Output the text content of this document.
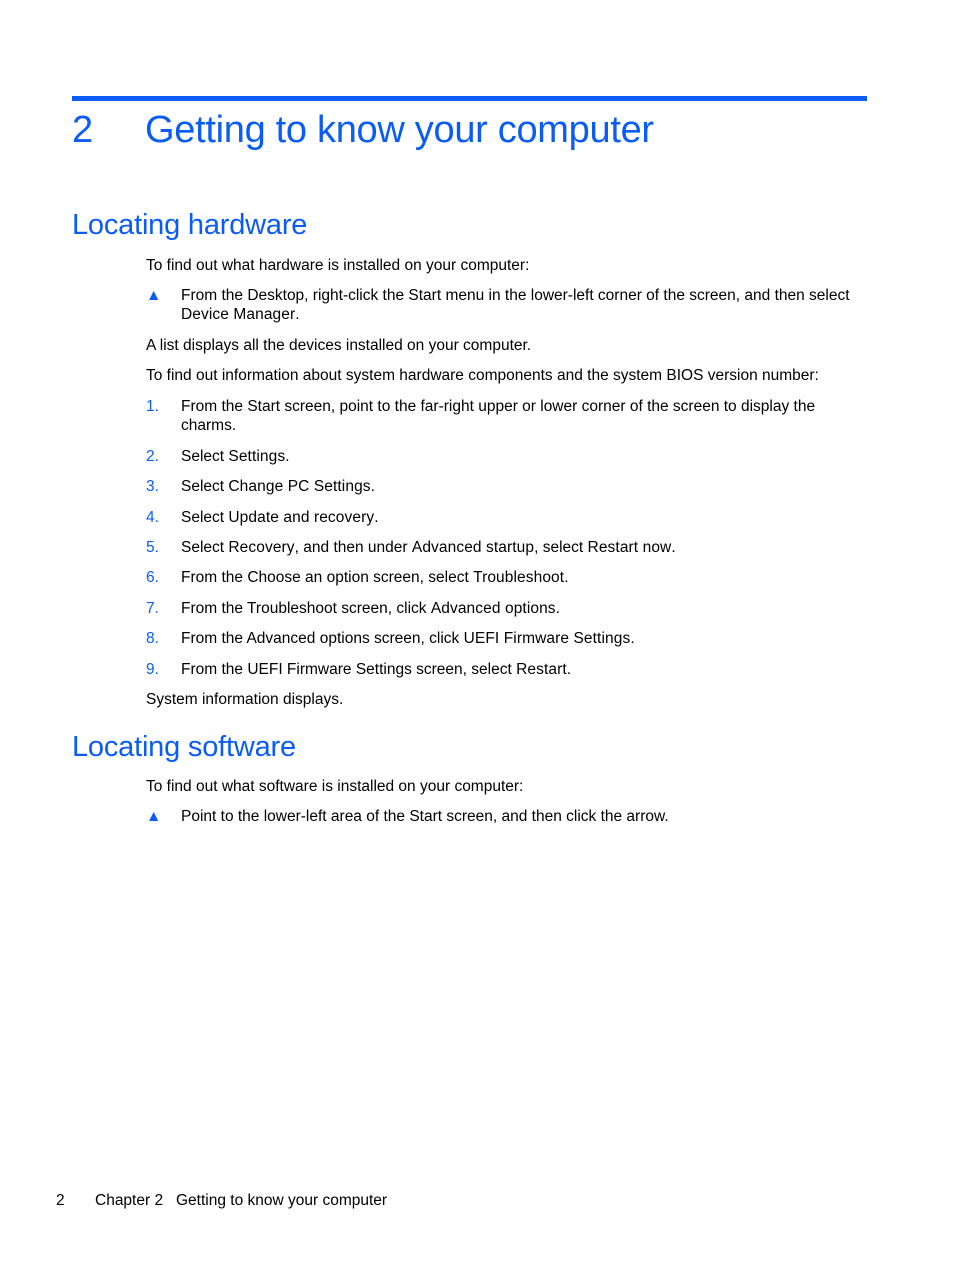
2 Getting to know your computer
Locating hardware

To find out what hardware is installed on your computer:

▲ From the Desktop, right-click the Start menu in the lower-left corner of the screen, and then select Device Manager.

A list displays all the devices installed on your computer.

To find out information about system hardware components and the system BIOS version number:

1. From the Start screen, point to the far-right upper or lower corner of the screen to display the charms.
2. Select Settings.
3. Select Change PC Settings.
4. Select Update and recovery.
5. Select Recovery, and then under Advanced startup, select Restart now.
6. From the Choose an option screen, select Troubleshoot.
7. From the Troubleshoot screen, click Advanced options.
8. From the Advanced options screen, click UEFI Firmware Settings.
9. From the UEFI Firmware Settings screen, select Restart.

System information displays.

Locating software

To find out what software is installed on your computer:

▲ Point to the lower-left area of the Start screen, and then click the arrow.
2 Chapter 2   Getting to know your computer
